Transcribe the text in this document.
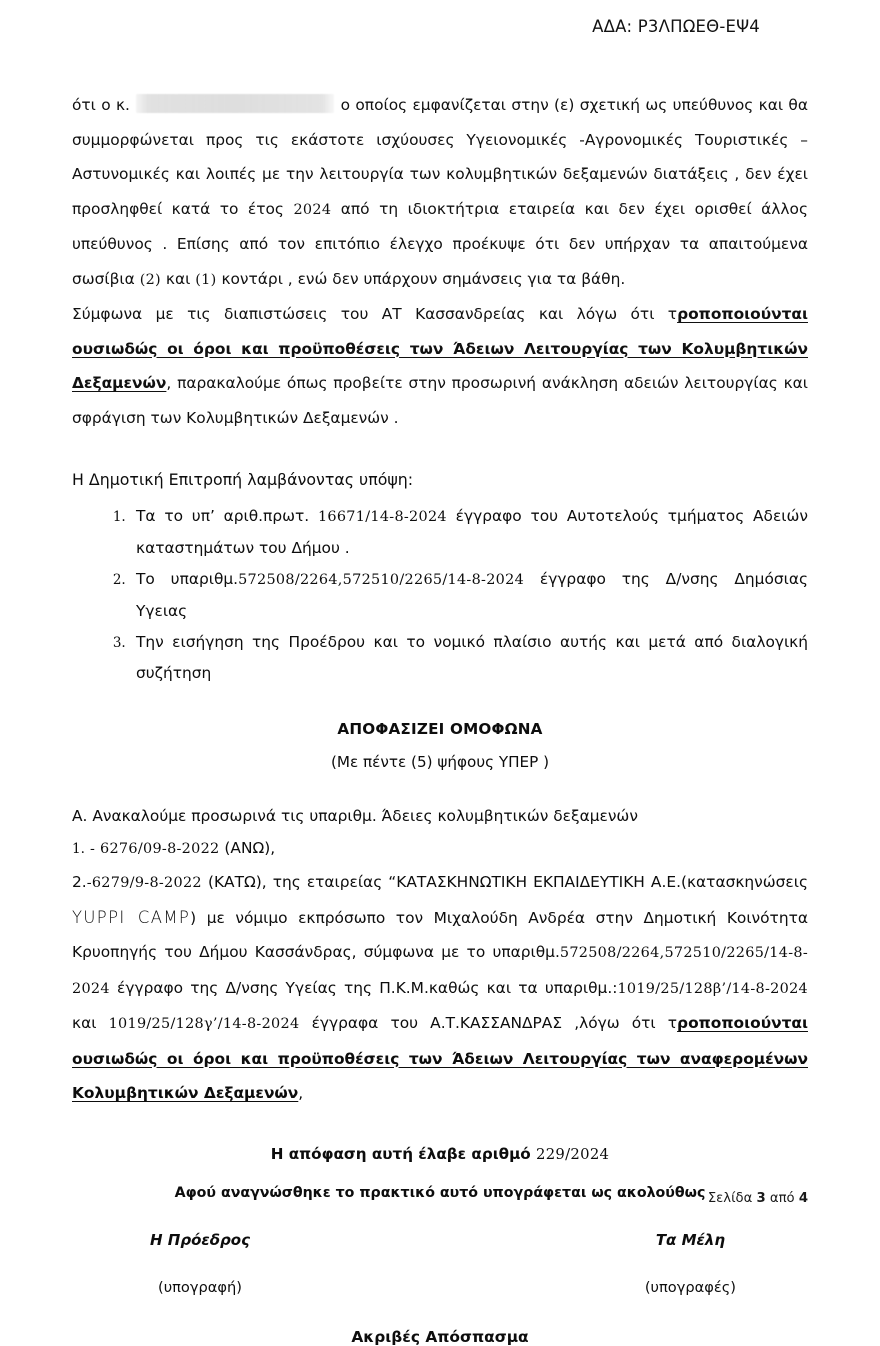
ΑΔΑ: Ρ3ΛΠΩΕΘ-ΕΨ4

ότι ο κ.	ο οποίος εμφανίζεται στην (ε) σχετική ως υπεύθυνος και θα συμμορφώνεται προς τις εκάστοτε ισχύουσες Υγειονομικές -Αγρονομικές Τουριστικές – Αστυνομικές και λοιπές με την λειτουργία των κολυμβητικών δεξαμενών διατάξεις , δεν έχει προσληφθεί κατά το έτος 2024 από τη ιδιοκτήτρια εταιρεία και δεν έχει ορισθεί άλλος υπεύθυνος . Επίσης από τον επιτόπιο έλεγχο προέκυψε ότι δεν υπήρχαν τα απαιτούμενα σωσίβια (2) και (1) κοντάρι , ενώ δεν υπάρχουν σημάνσεις για τα βάθη.

Σύμφωνα με τις διαπιστώσεις του ΑΤ Κασσανδρείας και λόγω ότι τροποποιούνται ουσιωδώς οι όροι και προϋποθέσεις των Άδειων Λειτουργίας των Κολυμβητικών Δεξαμενών, παρακαλούμε όπως προβείτε στην προσωρινή ανάκληση αδειών λειτουργίας και σφράγιση των Κολυμβητικών Δεξαμενών .

Η Δημοτική Επιτροπή λαμβάνοντας υπόψη:
1. Τα το υπ’ αριθ.πρωτ. 16671/14-8-2024 έγγραφο του Αυτοτελούς τμήματος Αδειών καταστημάτων του Δήμου .
2. Το υπαριθμ.572508/2264,572510/2265/14-8-2024 έγγραφο της Δ/νσης Δημόσιας Υγειας
3. Την εισήγηση της Προέδρου και το νομικό πλαίσιο αυτής και μετά από διαλογική συζήτηση
ΑΠΟΦΑΣΙΖΕΙ ΟΜΟΦΩΝΑ
(Με πέντε (5) ψήφους ΥΠΕΡ )
Α. Ανακαλούμε προσωρινά τις υπαριθμ. Άδειες κολυμβητικών δεξαμενών
1. - 6276/09-8-2022 (ΑΝΩ),

2.-6279/9-8-2022 (ΚΑΤΩ), της εταιρείας “ΚΑΤΑΣΚΗΝΩΤΙΚΗ ΕΚΠΑΙΔΕΥΤΙΚΗ Α.Ε.(κατασκηνώσεις YUPPI CAMP) με νόμιμο εκπρόσωπο τον Μιχαλούδη Ανδρέα στην Δημοτική Κοινότητα Κρυοπηγής του Δήμου Κασσάνδρας, σύμφωνα με το υπαριθμ.572508/2264,572510/2265/14-8-2024 έγγραφο της Δ/νσης Υγείας της Π.Κ.Μ.καθώς και τα υπαριθμ.:1019/25/128β’/14-8-2024 και 1019/25/128γ’/14-8-2024 έγγραφα του Α.Τ.ΚΑΣΣΑΝΔΡΑΣ ,λόγω ότι τροποποιούνται ουσιωδώς οι όροι και προϋποθέσεις των Άδειων Λειτουργίας των αναφερομένων Κολυμβητικών Δεξαμενών,

Η απόφαση αυτή έλαβε αριθμό 229/2024
Αφού αναγνώσθηκε το πρακτικό αυτό υπογράφεται ως ακολούθως
Η Πρόεδρος
(υπογραφή)
Τα Μέλη
(υπογραφές)
Ακριβές Απόσπασμα
Σελίδα 3 από 4
